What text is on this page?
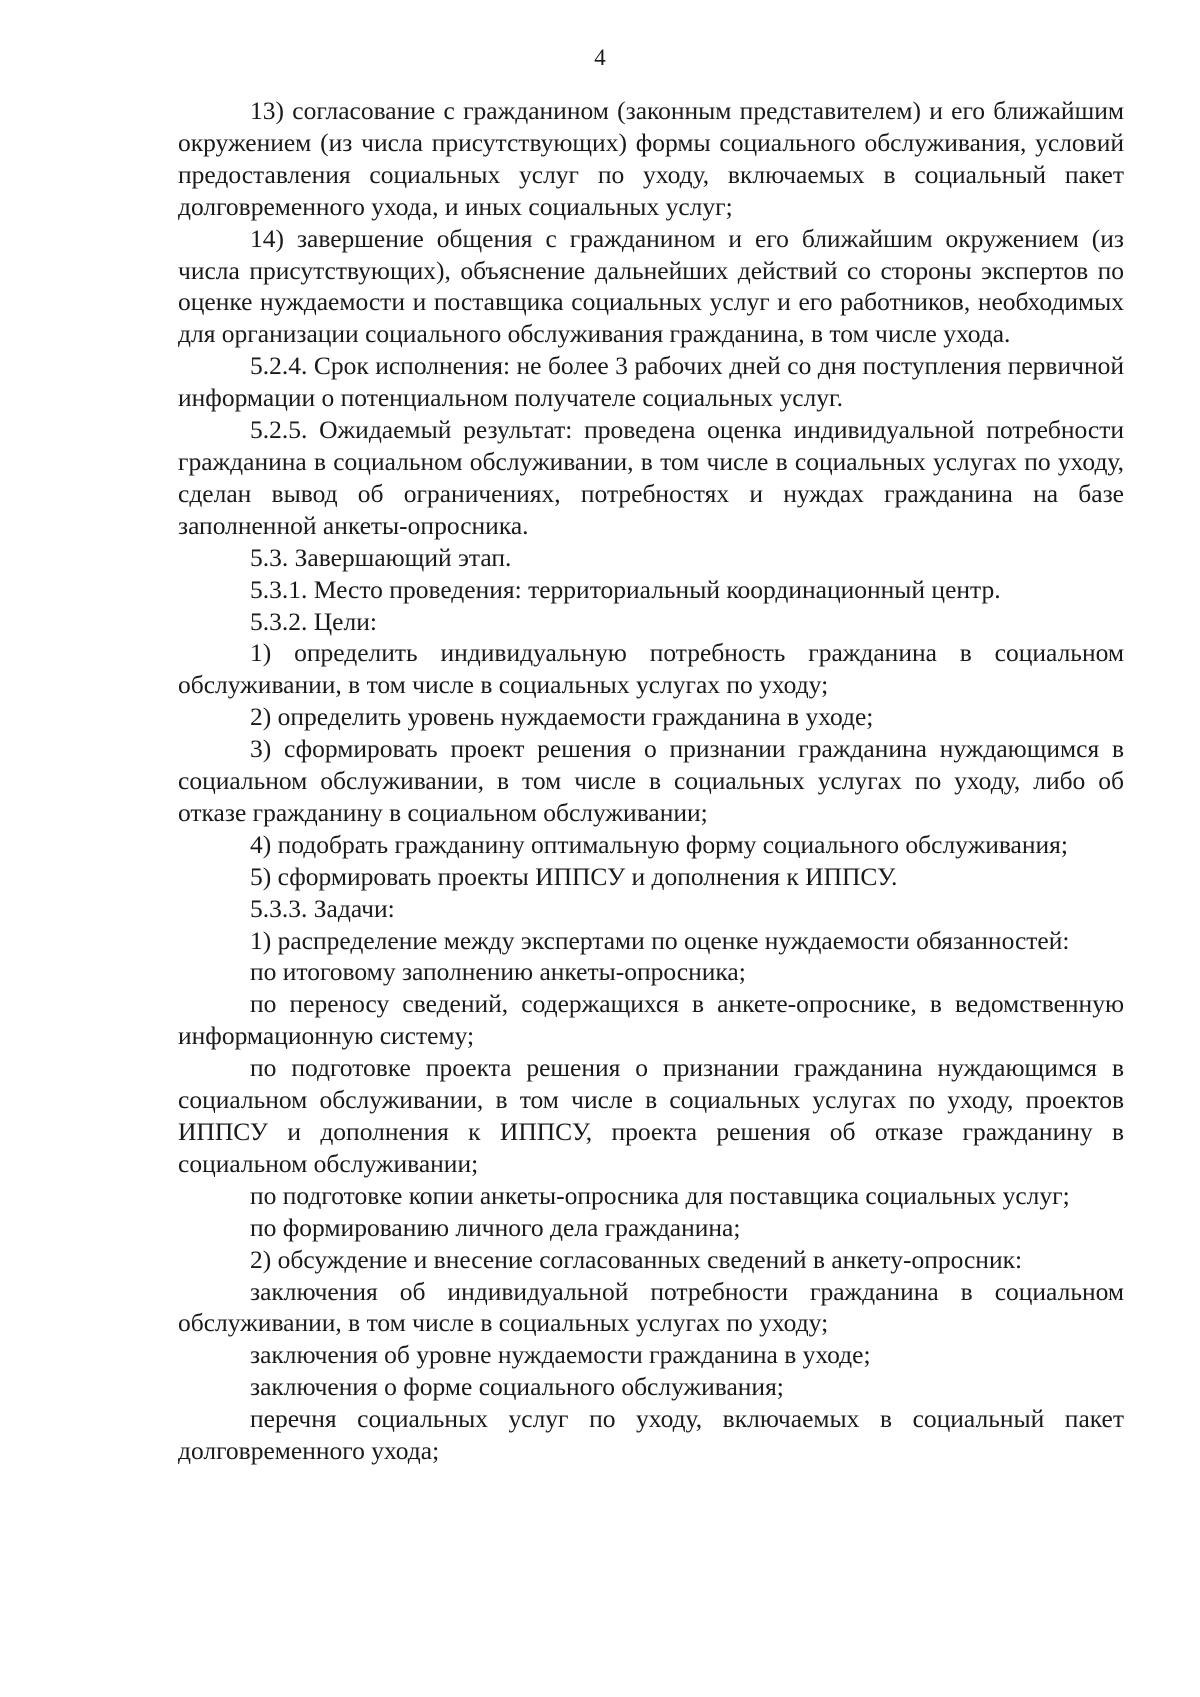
4

13) согласование с гражданином (законным представителем) и его ближайшим окружением (из числа присутствующих) формы социального обслуживания, условий предоставления социальных услуг по уходу, включаемых в социальный пакет долговременного ухода, и иных социальных услуг;

14) завершение общения с гражданином и его ближайшим окружением (из числа присутствующих), объяснение дальнейших действий со стороны экспертов по оценке нуждаемости и поставщика социальных услуг и его работников, необходимых для организации социального обслуживания гражданина, в том числе ухода.

5.2.4. Срок исполнения: не более 3 рабочих дней со дня поступления первичной информации о потенциальном получателе социальных услуг.

5.2.5. Ожидаемый результат: проведена оценка индивидуальной потребности гражданина в социальном обслуживании, в том числе в социальных услугах по уходу, сделан вывод об ограничениях, потребностях и нуждах гражданина на базе заполненной анкеты-опросника.

5.3. Завершающий этап.

5.3.1. Место проведения: территориальный координационный центр.

5.3.2. Цели:

1) определить индивидуальную потребность гражданина в социальном обслуживании, в том числе в социальных услугах по уходу;

2) определить уровень нуждаемости гражданина в уходе;

3) сформировать проект решения о признании гражданина нуждающимся в социальном обслуживании, в том числе в социальных услугах по уходу, либо об отказе гражданину в социальном обслуживании;

4) подобрать гражданину оптимальную форму социального обслуживания;

5) сформировать проекты ИППСУ и дополнения к ИППСУ.

5.3.3. Задачи:

1) распределение между экспертами по оценке нуждаемости обязанностей:

по итоговому заполнению анкеты-опросника;

по переносу сведений, содержащихся в анкете-опроснике, в ведомственную информационную систему;

по подготовке проекта решения о признании гражданина нуждающимся в социальном обслуживании, в том числе в социальных услугах по уходу, проектов ИППСУ и дополнения к ИППСУ, проекта решения об отказе гражданину в социальном обслуживании;

по подготовке копии анкеты-опросника для поставщика социальных услуг;

по формированию личного дела гражданина;

2) обсуждение и внесение согласованных сведений в анкету-опросник:

заключения об индивидуальной потребности гражданина в социальном обслуживании, в том числе в социальных услугах по уходу;

заключения об уровне нуждаемости гражданина в уходе;

заключения о форме социального обслуживания;

перечня социальных услуг по уходу, включаемых в социальный пакет долговременного ухода;
